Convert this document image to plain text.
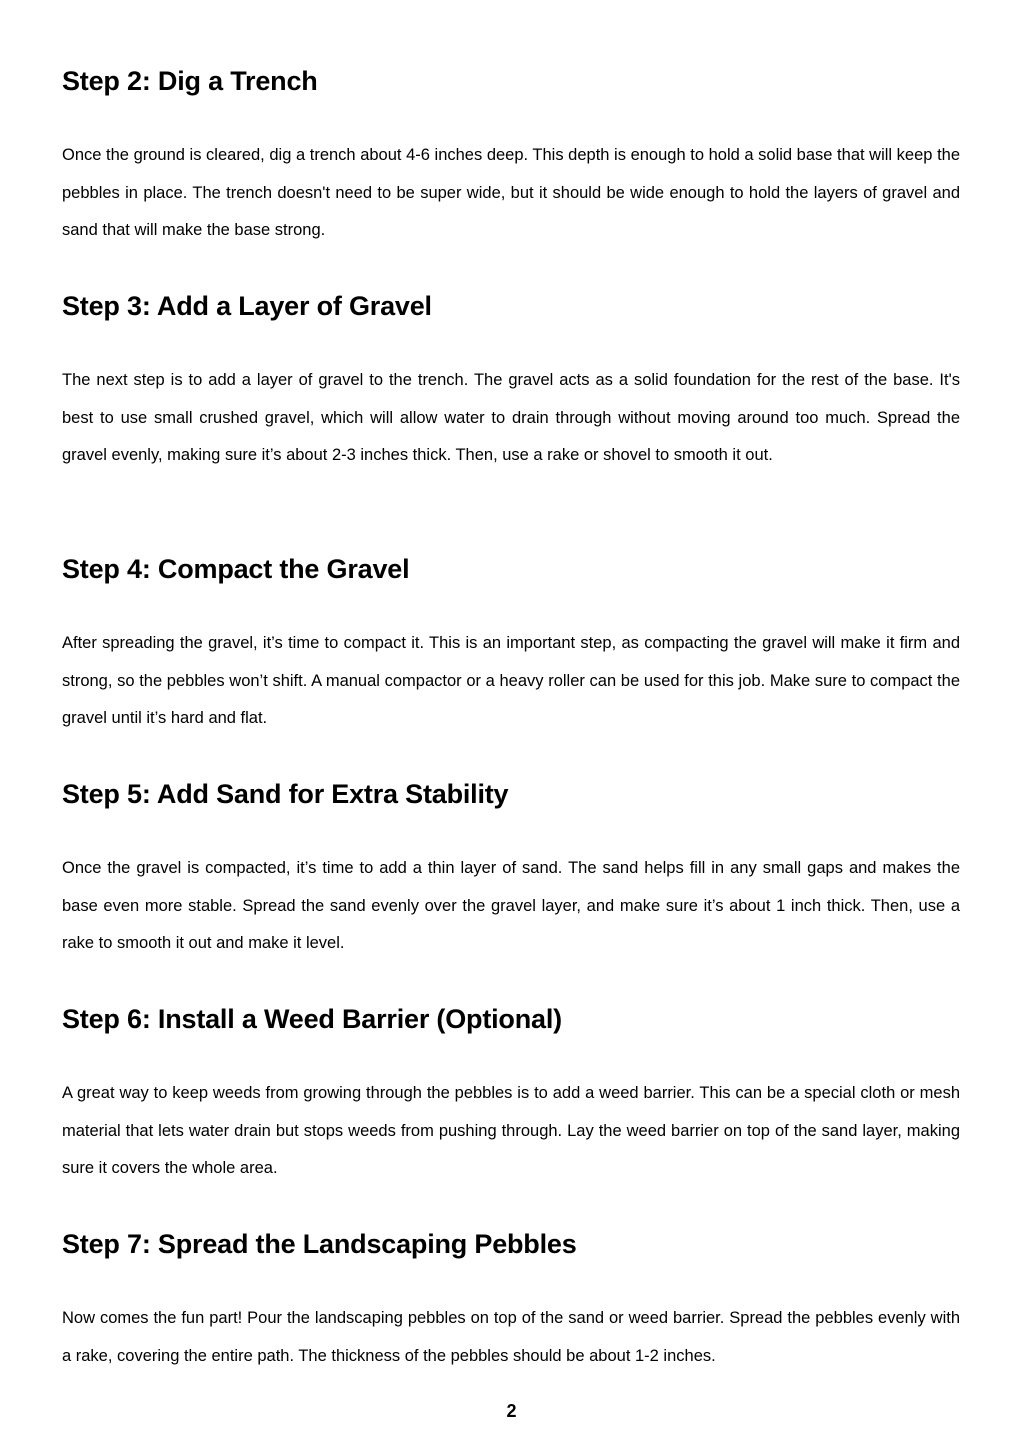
Step 2: Dig a Trench

Once the ground is cleared, dig a trench about 4-6 inches deep. This depth is enough to hold a solid base that will keep the pebbles in place. The trench doesn't need to be super wide, but it should be wide enough to hold the layers of gravel and sand that will make the base strong.

Step 3: Add a Layer of Gravel

The next step is to add a layer of gravel to the trench. The gravel acts as a solid foundation for the rest of the base. It's best to use small crushed gravel, which will allow water to drain through without moving around too much. Spread the gravel evenly, making sure it’s about 2-3 inches thick. Then, use a rake or shovel to smooth it out.

Step 4: Compact the Gravel

After spreading the gravel, it’s time to compact it. This is an important step, as compacting the gravel will make it firm and strong, so the pebbles won’t shift. A manual compactor or a heavy roller can be used for this job. Make sure to compact the gravel until it’s hard and flat.

Step 5: Add Sand for Extra Stability

Once the gravel is compacted, it’s time to add a thin layer of sand. The sand helps fill in any small gaps and makes the base even more stable. Spread the sand evenly over the gravel layer, and make sure it’s about 1 inch thick. Then, use a rake to smooth it out and make it level.

Step 6: Install a Weed Barrier (Optional)

A great way to keep weeds from growing through the pebbles is to add a weed barrier. This can be a special cloth or mesh material that lets water drain but stops weeds from pushing through. Lay the weed barrier on top of the sand layer, making sure it covers the whole area.

Step 7: Spread the Landscaping Pebbles

Now comes the fun part! Pour the landscaping pebbles on top of the sand or weed barrier. Spread the pebbles evenly with a rake, covering the entire path. The thickness of the pebbles should be about 1-2 inches.

2
